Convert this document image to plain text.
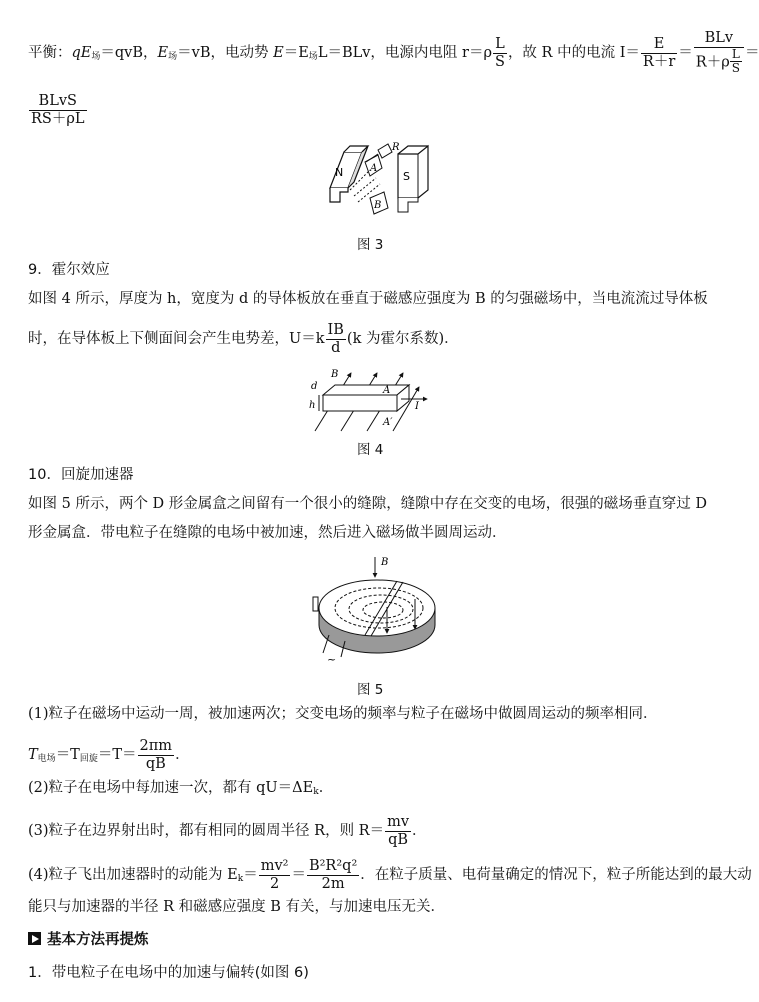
平衡：$qE_场=qvB$，$E_场=vB$，电动势 $E=E_场L=BLv$，电源内电阻 $r=\rho \frac{L}{S}$ ，故 R 中的电流 $I= \frac{E}{R+r} = \frac{\text{BLv}}{R+\rho \frac{L}{S}}$ ＝
$\frac{\text{BLvS}}{RS+\rho L}$
N	A
B
R
S
图 3
9．霍尔效应
如图 4 所示，厚度为 h，宽度为 d 的导体板放在垂直于磁感应强度为 B 的匀强磁场中，当电流流过导体板
时，在导体板上下侧面间会产生电势差，$U=k \frac{IB}{d} (k$ 为霍尔系数)．
B
d
h
A
A′
I
图 4
10．回旋加速器
如图 5 所示，两个 D 形金属盒之间留有一个很小的缝隙，缝隙中存在交变的电场，很强的磁场垂直穿过 D
形金属盒．带电粒子在缝隙的电场中被加速，然后进入磁场做半圆周运动．
B
~
图 5
(1)粒子在磁场中运动一周，被加速两次；交变电场的频率与粒子在磁场中做圆周运动的频率相同．
$T_{电场}=T_{回旋}=T= \frac{2\pi m}{qB}$ ．
(2)粒子在电场中每加速一次，都有 $qU=\Delta E_k$．
(3)粒子在边界射出时，都有相同的圆周半径 R，则 $R= \frac{mv}{qB}$ ．
(4)粒子飞出加速器时的动能为 $E_k= \frac{\text{mv²}}{2} = \frac{\text{B²R²q²}}{2m}$ ．在粒子质量、电荷量确定的情况下，粒子所能达到的最大动
能只与加速器的半径 R 和磁感应强度 B 有关，与加速电压无关．
基本方法再提炼
1．带电粒子在电场中的加速与偏转(如图 6)
